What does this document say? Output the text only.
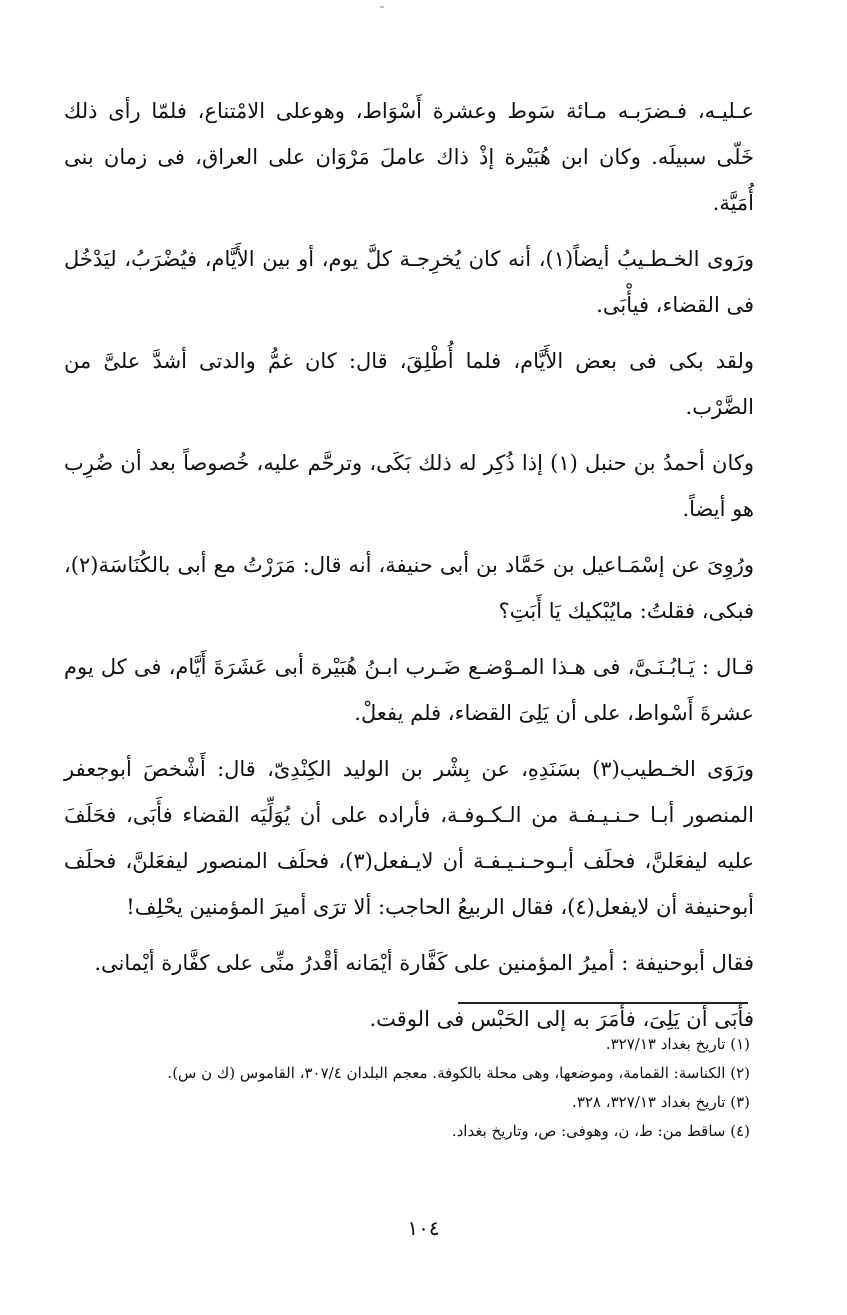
عـليـه، فـضرَبـه مـائة سَوط وعشرة أَسْوَاط، وهوعلى الامْتناع، فلمّا رأى ذلك خَلّى سبيلَه. وكان ابن هُبَيْرة إذْ ذاك عاملَ مَرْوَان على العراق، فى زمان بنى أُمَيَّة.

ورَوى الخـطـيبُ أيضاً(١)، أنه كان يُخرِجـة كلَّ يوم، أو بين الأَيَّام، فيُضْرَبُ، ليَدْخُل فى القضاء، فيأْبَى.

ولقد بكى فى بعض الأَيَّام، فلما أُطْلِقَ، قال: كان غمُّ والدتى أشدَّ علىَّ من الضَّرْب.

وكان أحمدُ بن حنبل (١) إذا ذُكِر له ذلك بَكَى، وترحَّم عليه، خُصوصاً بعد أن ضُرِب هو أيضاً.

ورُوِىَ عن إسْمَـاعيل بن حَمَّاد بن أبى حنيفة، أنه قال: مَرَرْتُ مع أبى بالكُنَاسَة(٢)، فبكى، فقلتُ: مايُبْكيك يَا أَبَتِ؟

قـال : يَـابُـنَـىَّ، فى هـذا المـوْضـع ضَـرب ابـنُ هُبَيْرة أبى عَشَرَةَ أَيَّام، فى كل يوم عشرةَ أَسْواط، على أن يَلِىَ القضاء، فلم يفعلْ.

ورَوَى الخـطيب(٣) بسَنَدِهِ، عن بِشْر بن الوليد الكِنْدِىّ، قال: أَشْخصَ أبوجعفر المنصور أبـا حـنـيـفـة من الـكـوفـة، فأراده على أن يُوَلِّيَه القضاء فأَبَى، فحَلَفَ عليه ليفعَلنَّ، فحلَف أبـوحـنـيـفـة أن لايـفعل(٣)، فحلَف المنصور ليفعَلنَّ، فحلَف أبوحنيفة أن لايفعل(٤)، فقال الربيعُ الحاجب: ألا ترَى أميرَ المؤمنين يحْلِف!

فقال أبوحنيفة : أميرُ المؤمنين على كَفَّارة أيْمَانه أقْدرُ منِّى على كفَّارة أيْمانى.

فأبَى أن يَلِىَ، فأمَرَ به إلى الحَبْس فى الوقت.

(١) تاريخ بغداد ٣٢٧/١٣.

(٢) الكناسة: القمامة، وموضعها، وهى محلة بالكوفة. معجم البلدان ٣٠٧/٤، القاموس (ك ن س).

(٣) تاريخ بغداد ٣٢٧/١٣، ٣٢٨.

(٤) ساقط من: ط، ن، وهوفى: ص، وتاريخ بغداد.

١٠٤
